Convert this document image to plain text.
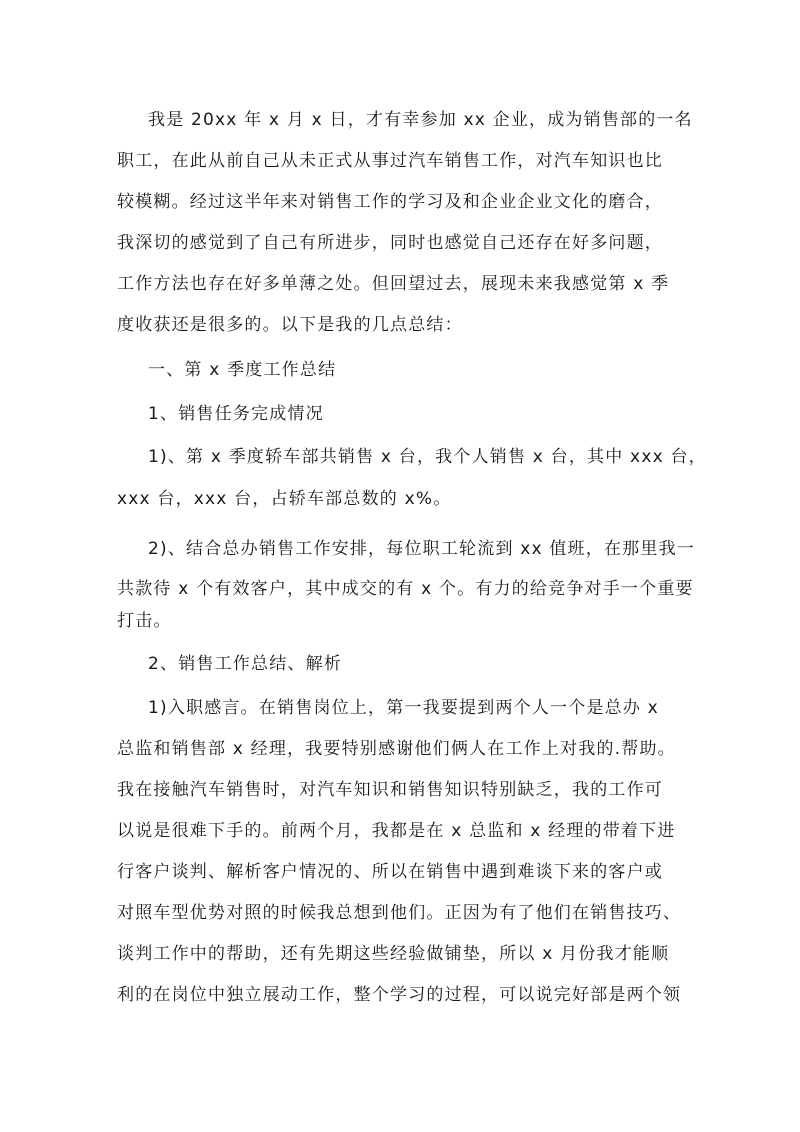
我是 20xx 年 x 月 x 日，才有幸参加 xx 企业，成为销售部的一名
职工，在此从前自己从未正式从事过汽车销售工作，对汽车知识也比
较模糊。经过这半年来对销售工作的学习及和企业企业文化的磨合，
我深切的感觉到了自己有所进步，同时也感觉自己还存在好多问题，
工作方法也存在好多单薄之处。但回望过去，展现未来我感觉第 x 季
度收获还是很多的。以下是我的几点总结：
一、第 x 季度工作总结
1、销售任务完成情况
1)、第 x 季度轿车部共销售 x 台，我个人销售 x 台，其中 xxx 台，
xxx 台，xxx 台，占轿车部总数的 x%。
2)、结合总办销售工作安排，每位职工轮流到 xx 值班，在那里我一
共款待 x 个有效客户，其中成交的有 x 个。有力的给竞争对手一个重要
打击。
2、销售工作总结、解析
1)入职感言。在销售岗位上，第一我要提到两个人一个是总办 x
总监和销售部 x 经理，我要特别感谢他们俩人在工作上对我的.帮助。
我在接触汽车销售时，对汽车知识和销售知识特别缺乏，我的工作可
以说是很难下手的。前两个月，我都是在 x 总监和 x 经理的带着下进
行客户谈判、解析客户情况的、所以在销售中遇到难谈下来的客户或
对照车型优势对照的时候我总想到他们。正因为有了他们在销售技巧、
谈判工作中的帮助，还有先期这些经验做铺垫，所以 x 月份我才能顺
利的在岗位中独立展动工作，整个学习的过程，可以说完好部是两个领
